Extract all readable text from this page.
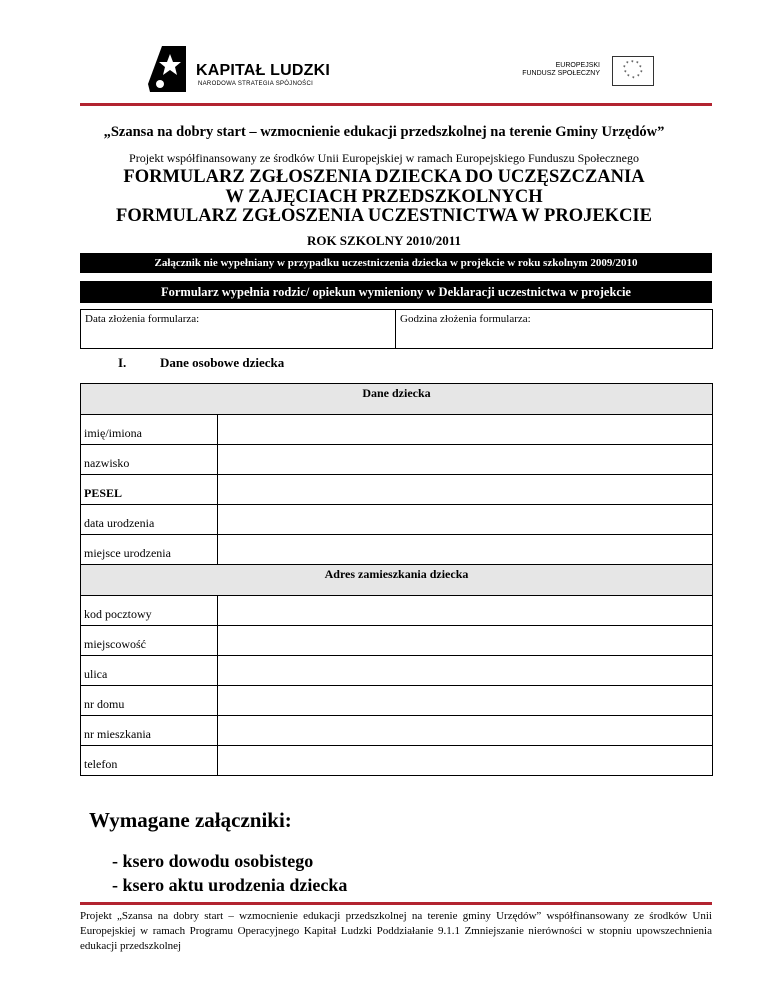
KAPITAŁ LUDZKI
NARODOWA STRATEGIA SPÓJNOŚCI
EUROPEJSKI
FUNDUSZ SPOŁECZNY
* *
*
*
*
*
*
*
*
*
„Szansa na dobry start – wzmocnienie edukacji przedszkolnej na terenie Gminy Urzędów”
Projekt współfinansowany ze środków Unii Europejskiej w ramach Europejskiego Funduszu Społecznego
FORMULARZ ZGŁOSZENIA DZIECKA DO UCZĘSZCZANIA
W ZAJĘCIACH PRZEDSZKOLNYCH
FORMULARZ ZGŁOSZENIA UCZESTNICTWA W PROJEKCIE
ROK SZKOLNY 2010/2011
Załącznik nie wypełniany w przypadku uczestniczenia dziecka w projekcie w roku szkolnym 2009/2010
Formularz wypełnia rodzic/ opiekun wymieniony w Deklaracji uczestnictwa w projekcie
Data złożenia formularza:	Godzina złożenia formularza:
I.	Dane osobowe dziecka
Dane dziecka	
imię/imiona	
nazwisko	
PESEL	
data urodzenia	
miejsce urodzenia	
Adres zamieszkania dziecka	
kod pocztowy	
miejscowość	
ulica	
nr domu	
nr mieszkania	
telefon	
Wymagane załączniki:
- ksero dowodu osobistego
- ksero aktu urodzenia dziecka
Projekt „Szansa na dobry start – wzmocnienie edukacji przedszkolnej na terenie gminy Urzędów” współfinansowany ze środków Unii Europejskiej w ramach Programu Operacyjnego Kapitał Ludzki Poddziałanie 9.1.1 Zmniejszanie nierówności w stopniu upowszechnienia edukacji przedszkolnej
